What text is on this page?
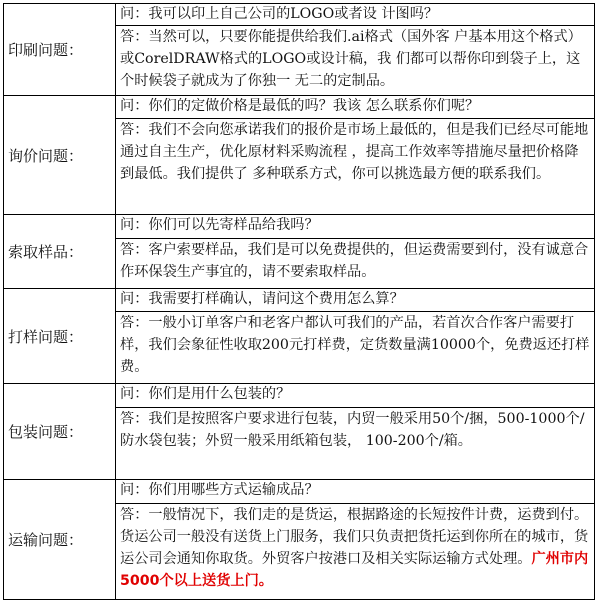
印刷问题：	问：我可以印上自己公司的LOGO或者设 计图吗？
	答：当然可以，只要你能提供给我们.ai格式（国外客 户基本用这个格式）或CorelDRAW格式的LOGO或设计稿，我 们都可以帮你印到袋子上，这个时候袋子就成为了你独一 无二的定制品。
询价问题：	问：你们的定做价格是最低的吗？我该 怎么联系你们呢？
	答：我们不会向您承诺我们的报价是市场上最低的，但是我们已经尽可能地通过自主生产，优化原材料采购流程 ，提高工作效率等措施尽量把价格降到最低。我们提供了 多种联系方式，你可以挑选最方便的联系我们。
索取样品：	问：你们可以先寄样品给我吗？
	答：客户索要样品，我们是可以免费提供的，但运费需要到付，没有诚意合作环保袋生产事宜的，请不要索取样品。
打样问题：	问：我需要打样确认，请问这个费用怎么算？
	答：一般小订单客户和老客户都认可我们的产品，若首次合作客户需要打样，我们会象征性收取200元打样费，定货数量满10000个，免费返还打样费。
包装问题：	问：你们是用什么包装的？
	答：我们是按照客户要求进行包装，内贸一般采用50个/捆，500-1000个/防水袋包装；外贸一般采用纸箱包装， 100-200个/箱。
运输问题：	问：你们用哪些方式运输成品？
	答：一般情况下，我们走的是货运，根据路途的长短按件计费，运费到付。货运公司一般没有送货上门服务，我们只负责把货托运到你所在的城市，货运公司会通知你取货。外贸客户按港口及相关实际运输方式处理。广州市内5000个以上送货上门。
